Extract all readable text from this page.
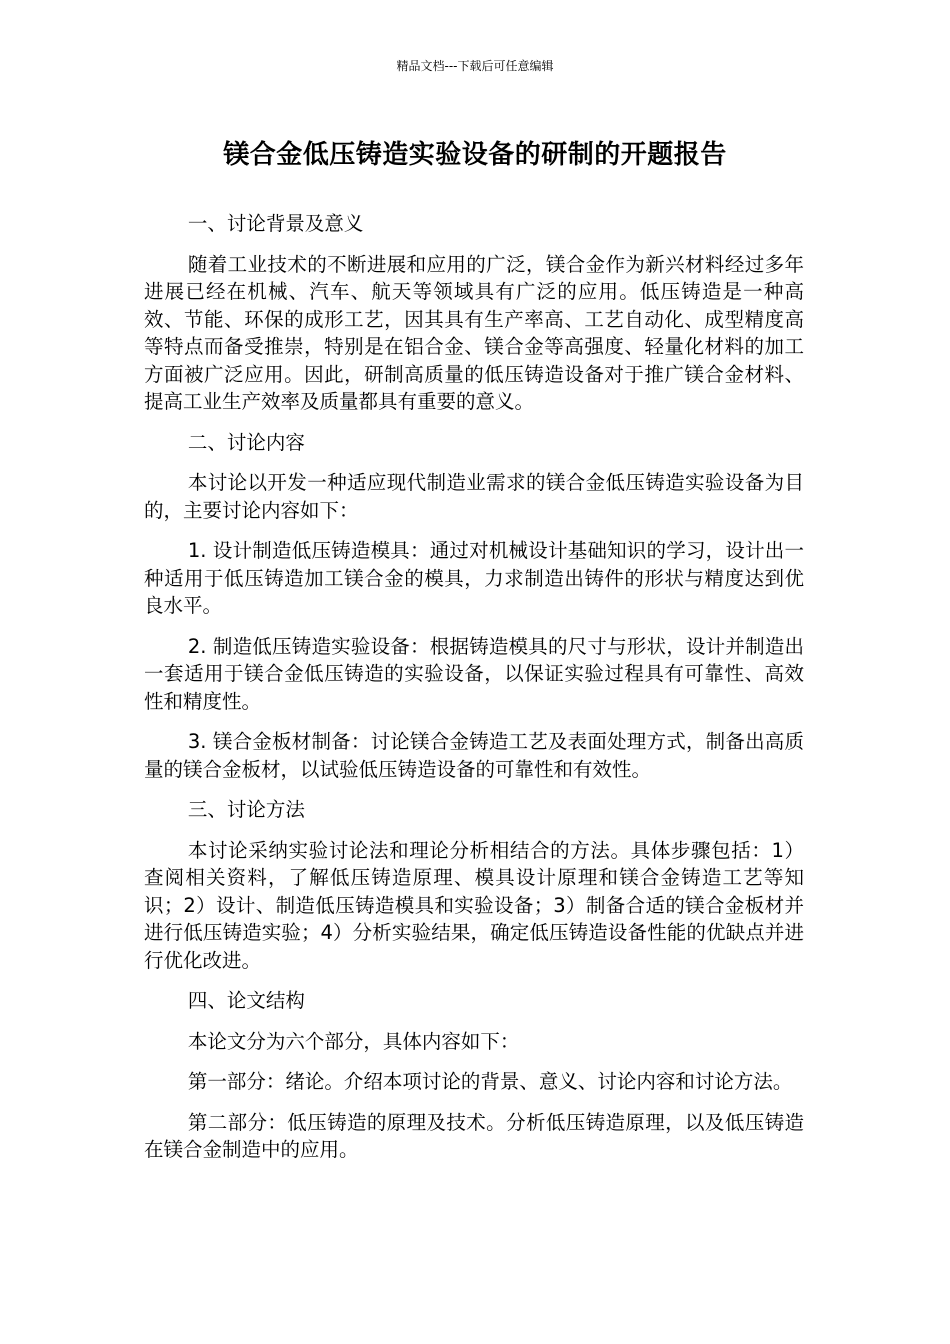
精品文档---下载后可任意编辑
镁合金低压铸造实验设备的研制的开题报告

一、讨论背景及意义

随着工业技术的不断进展和应用的广泛，镁合金作为新兴材料经过多年进展已经在机械、汽车、航天等领域具有广泛的应用。低压铸造是一种高效、节能、环保的成形工艺，因其具有生产率高、工艺自动化、成型精度高等特点而备受推崇，特别是在铝合金、镁合金等高强度、轻量化材料的加工方面被广泛应用。因此，研制高质量的低压铸造设备对于推广镁合金材料、提高工业生产效率及质量都具有重要的意义。

二、讨论内容

本讨论以开发一种适应现代制造业需求的镁合金低压铸造实验设备为目的，主要讨论内容如下：

1. 设计制造低压铸造模具：通过对机械设计基础知识的学习，设计出一种适用于低压铸造加工镁合金的模具，力求制造出铸件的形状与精度达到优良水平。

2. 制造低压铸造实验设备：根据铸造模具的尺寸与形状，设计并制造出一套适用于镁合金低压铸造的实验设备，以保证实验过程具有可靠性、高效性和精度性。

3. 镁合金板材制备：讨论镁合金铸造工艺及表面处理方式，制备出高质量的镁合金板材，以试验低压铸造设备的可靠性和有效性。

三、讨论方法

本讨论采纳实验讨论法和理论分析相结合的方法。具体步骤包括：1）查阅相关资料，了解低压铸造原理、模具设计原理和镁合金铸造工艺等知识；2）设计、制造低压铸造模具和实验设备；3）制备合适的镁合金板材并进行低压铸造实验；4）分析实验结果，确定低压铸造设备性能的优缺点并进行优化改进。

四、论文结构

本论文分为六个部分，具体内容如下：

第一部分：绪论。介绍本项讨论的背景、意义、讨论内容和讨论方法。

第二部分：低压铸造的原理及技术。分析低压铸造原理，以及低压铸造在镁合金制造中的应用。
